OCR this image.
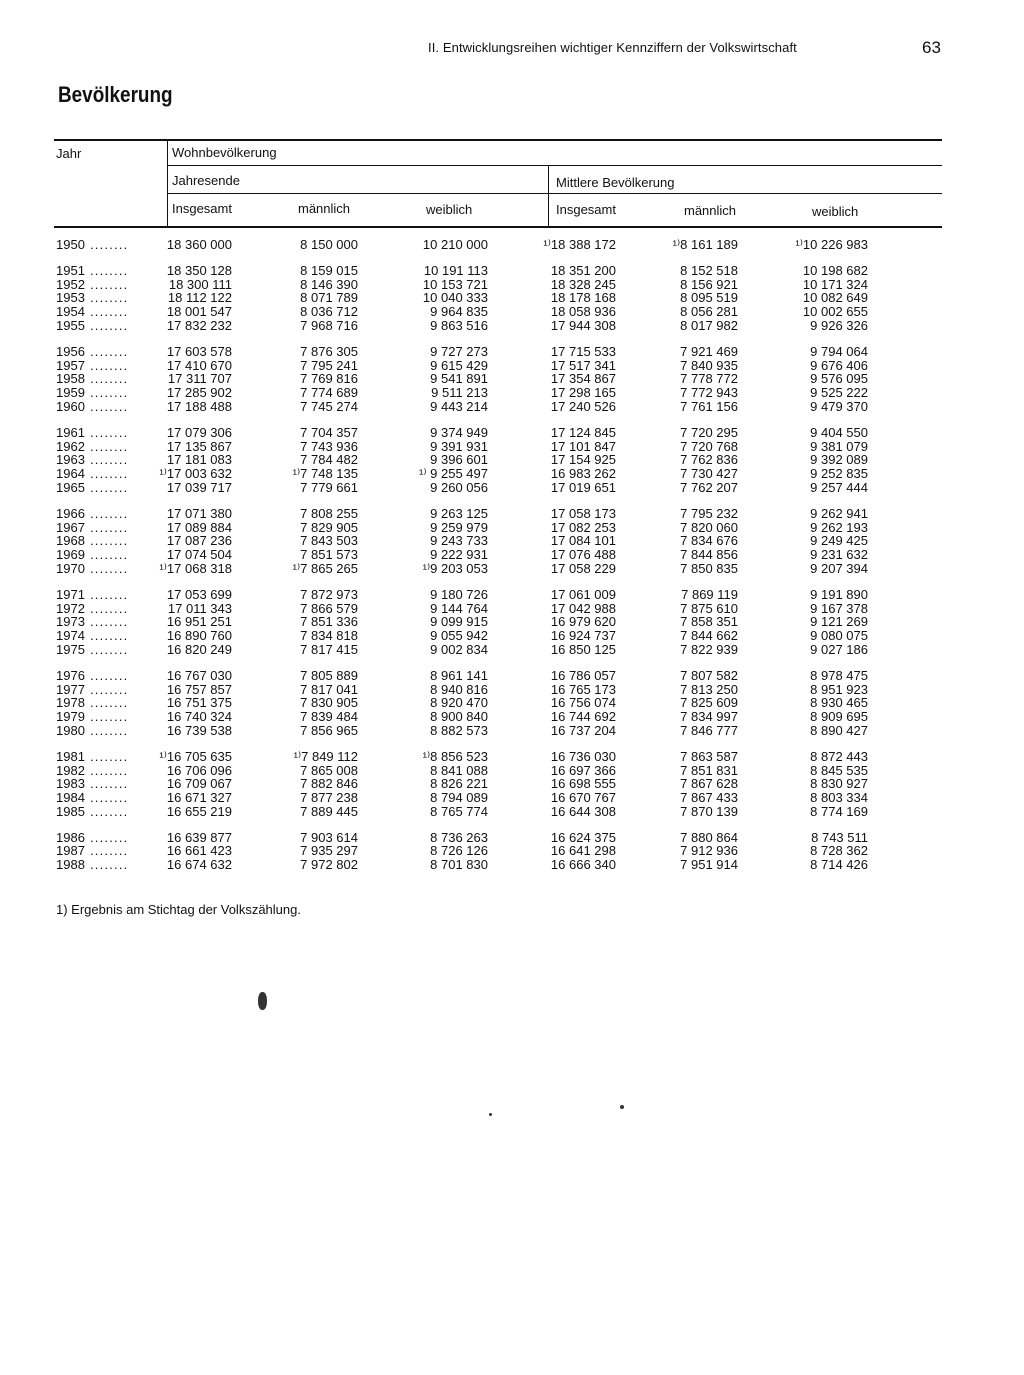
II. Entwicklungsreihen wichtiger Kennziffern der Volkswirtschaft	63
Bevölkerung
Jahr	Wohnbevölkerung
Jahresende	Mittlere Bevölkerung
Insgesamt	männlich	weiblich	Insgesamt	männlich	weiblich
1950 ........	18 360 000	8 150 000	10 210 000	¹⁾18 388 172	¹⁾8 161 189	¹⁾10 226 983
1951 ........	18 350 128	8 159 015	10 191 113	18 351 200	8 152 518	10 198 682
1952 ........	18 300 111	8 146 390	10 153 721	18 328 245	8 156 921	10 171 324
1953 ........	18 112 122	8 071 789	10 040 333	18 178 168	8 095 519	10 082 649
1954 ........	18 001 547	8 036 712	9 964 835	18 058 936	8 056 281	10 002 655
1955 ........	17 832 232	7 968 716	9 863 516	17 944 308	8 017 982	9 926 326
1956 ........	17 603 578	7 876 305	9 727 273	17 715 533	7 921 469	9 794 064
1957 ........	17 410 670	7 795 241	9 615 429	17 517 341	7 840 935	9 676 406
1958 ........	17 311 707	7 769 816	9 541 891	17 354 867	7 778 772	9 576 095
1959 ........	17 285 902	7 774 689	9 511 213	17 298 165	7 772 943	9 525 222
1960 ........	17 188 488	7 745 274	9 443 214	17 240 526	7 761 156	9 479 370
1961 ........	17 079 306	7 704 357	9 374 949	17 124 845	7 720 295	9 404 550
1962 ........	17 135 867	7 743 936	9 391 931	17 101 847	7 720 768	9 381 079
1963 ........	17 181 083	7 784 482	9 396 601	17 154 925	7 762 836	9 392 089
1964 ........ ¹⁾17 003 632	¹⁾7 748 135	¹⁾ 9 255 497	16 983 262	7 730 427	9 252 835
1965 ........	17 039 717	7 779 661	9 260 056	17 019 651	7 762 207	9 257 444
1966 ........	17 071 380	7 808 255	9 263 125	17 058 173	7 795 232	9 262 941
1967 ........	17 089 884	7 829 905	9 259 979	17 082 253	7 820 060	9 262 193
1968 ........	17 087 236	7 843 503	9 243 733	17 084 101	7 834 676	9 249 425
1969 ........	17 074 504	7 851 573	9 222 931	17 076 488	7 844 856	9 231 632
1970 ........ ¹⁾17 068 318	¹⁾7 865 265	¹⁾9 203 053	17 058 229	7 850 835	9 207 394
1971 ........	17 053 699	7 872 973	9 180 726	17 061 009	7 869 119	9 191 890
1972 ........	17 011 343	7 866 579	9 144 764	17 042 988	7 875 610	9 167 378
1973 ........	16 951 251	7 851 336	9 099 915	16 979 620	7 858 351	9 121 269
1974 ........	16 890 760	7 834 818	9 055 942	16 924 737	7 844 662	9 080 075
1975 ........	16 820 249	7 817 415	9 002 834	16 850 125	7 822 939	9 027 186
1976 ........	16 767 030	7 805 889	8 961 141	16 786 057	7 807 582	8 978 475
1977 ........	16 757 857	7 817 041	8 940 816	16 765 173	7 813 250	8 951 923
1978 ........	16 751 375	7 830 905	8 920 470	16 756 074	7 825 609	8 930 465
1979 ........	16 740 324	7 839 484	8 900 840	16 744 692	7 834 997	8 909 695
1980 ........	16 739 538	7 856 965	8 882 573	16 737 204	7 846 777	8 890 427
1981 ........ ¹⁾16 705 635	¹⁾7 849 112	¹⁾8 856 523	16 736 030	7 863 587	8 872 443
1982 ........	16 706 096	7 865 008	8 841 088	16 697 366	7 851 831	8 845 535
1983 ........	16 709 067	7 882 846	8 826 221	16 698 555	7 867 628	8 830 927
1984 ........	16 671 327	7 877 238	8 794 089	16 670 767	7 867 433	8 803 334
1985 ........	16 655 219	7 889 445	8 765 774	16 644 308	7 870 139	8 774 169
1986 ........	16 639 877	7 903 614	8 736 263	16 624 375	7 880 864	8 743 511
1987 ........	16 661 423	7 935 297	8 726 126	16 641 298	7 912 936	8 728 362
1988 ........	16 674 632	7 972 802	8 701 830	16 666 340	7 951 914	8 714 426
1) Ergebnis am Stichtag der Volkszählung.
